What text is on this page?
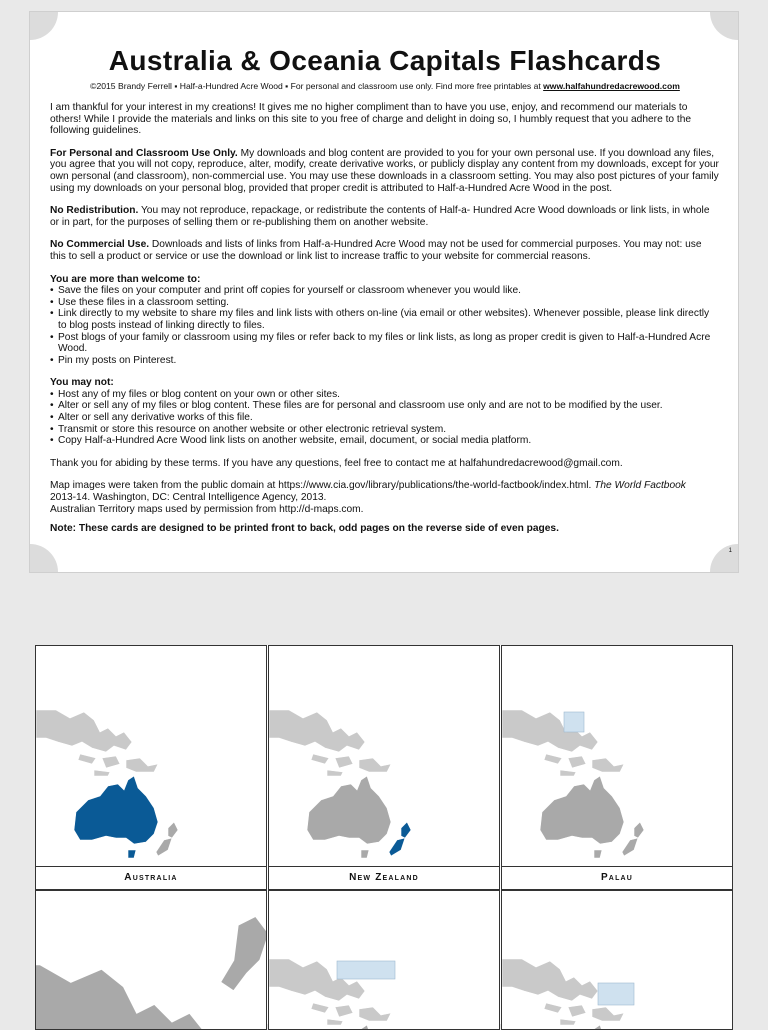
Australia & Oceania Capitals Flashcards
©2015 Brandy Ferrell ▪ Half-a-Hundred Acre Wood ▪ For personal and classroom use only. Find more free printables at www.halfahundredacrewood.com

I am thankful for your interest in my creations! It gives me no higher compliment than to have you use, enjoy, and recommend our materials to others! While I provide the materials and links on this site to you free of charge and delight in doing so, I humbly request that you adhere to the following guidelines.

For Personal and Classroom Use Only. My downloads and blog content are provided to you for your own personal use. If you download any files, you agree that you will not copy, reproduce, alter, modify, create derivative works, or publicly display any content from my downloads, except for your own personal (and classroom), non-commercial use. You may use these downloads in a classroom setting. You may also post pictures of your family using my downloads on your personal blog, provided that proper credit is attributed to Half-a-Hundred Acre Wood in the post.

No Redistribution. You may not reproduce, repackage, or redistribute the contents of Half-a- Hundred Acre Wood downloads or link lists, in whole or in part, for the purposes of selling them or re-publishing them on another website.

No Commercial Use. Downloads and lists of links from Half-a-Hundred Acre Wood may not be used for commercial purposes. You may not: use this to sell a product or service or use the download or link list to increase traffic to your website for commercial reasons.

You are more than welcome to:
• Save the files on your computer and print off copies for yourself or classroom whenever you would like.
• Use these files in a classroom setting.
• Link directly to my website to share my files and link lists with others on-line (via email or other websites). Whenever possible, please link directly to blog posts instead of linking directly to files.
• Post blogs of your family or classroom using my files or refer back to my files or link lists, as long as proper credit is given to Half-a-Hundred Acre Wood.
• Pin my posts on Pinterest.
You may not:
• Host any of my files or blog content on your own or other sites.
• Alter or sell any of my files or blog content. These files are for personal and classroom use only and are not to be modified by the user.
• Alter or sell any derivative works of this file.
• Transmit or store this resource on another website or other electronic retrieval system.
• Copy Half-a-Hundred Acre Wood link lists on another website, email, document, or social media platform.

Thank you for abiding by these terms. If you have any questions, feel free to contact me at halfahundredacrewood@gmail.com.

Map images were taken from the public domain at https://www.cia.gov/library/publications/the-world-factbook/index.html. The World Factbook
2013-14. Washington, DC: Central Intelligence Agency, 2013.
Australian Territory maps used by permission from http://d-maps.com.

Note: These cards are designed to be printed front to back, odd pages on the reverse side of even pages.

1
Australia	New Zealand	Palau
